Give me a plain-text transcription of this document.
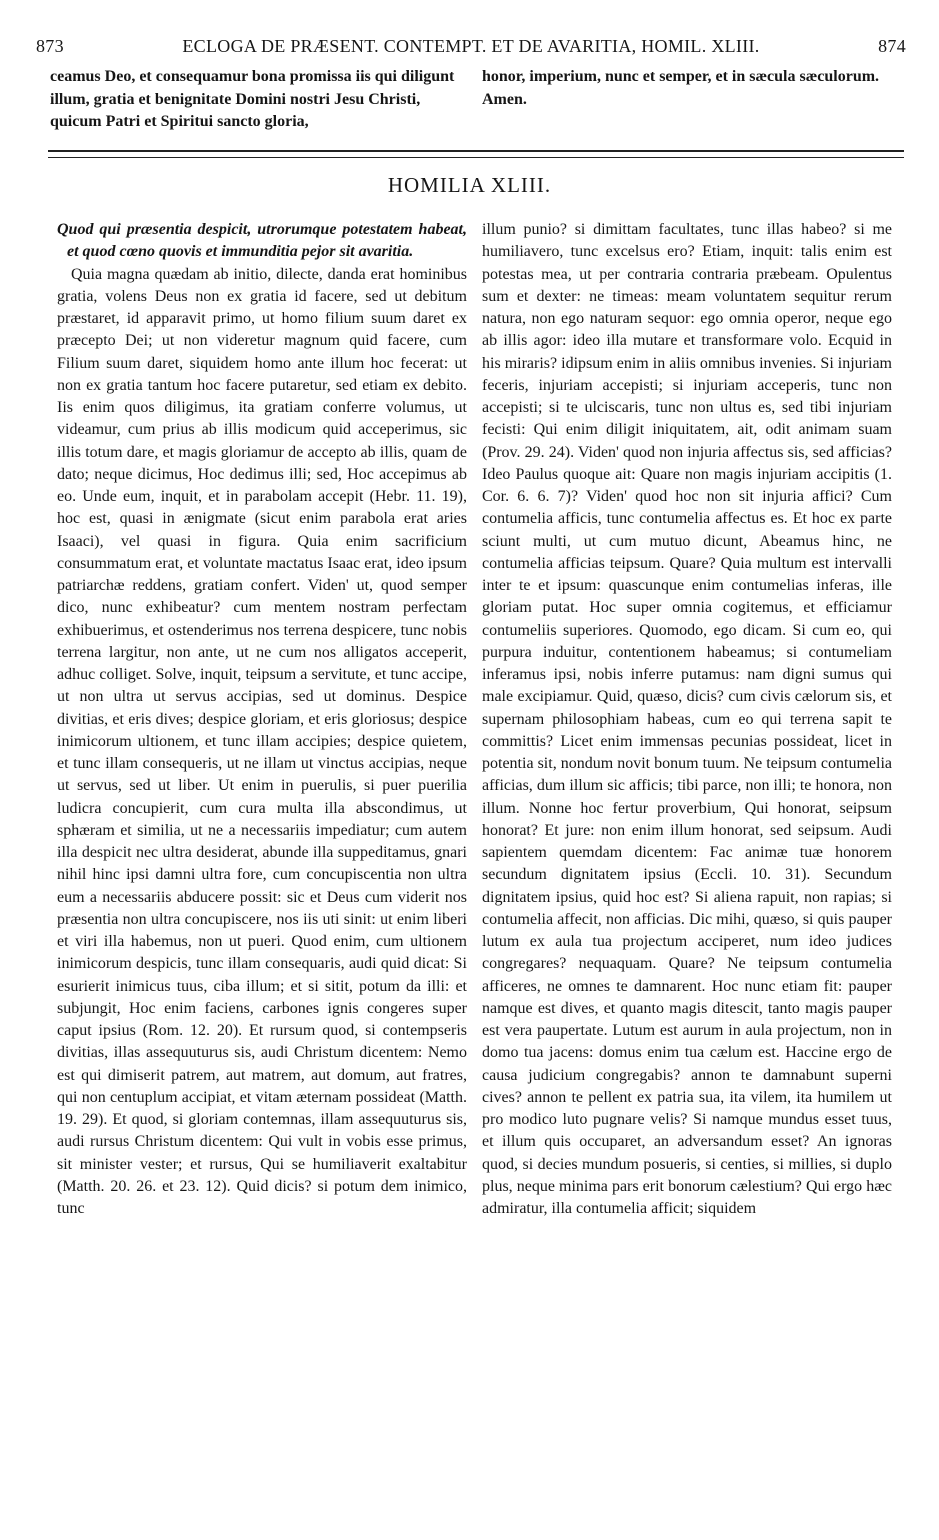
873	ECLOGA DE PRÆSENT. CONTEMPT. ET DE AVARITIA, HOMIL. XLIII.	874
ceamus Deo, et consequamur bona promissa iis qui diligunt illum, gratia et benignitate Domini nostri Jesu Christi, quicum Patri et Spiritui sancto gloria,
honor, imperium, nunc et semper, et in sæcula sæculorum. Amen.
HOMILIA XLIII.

Quod qui præsentia despicit, utrorumque potestatem habeat, et quod cœno quovis et immunditia pejor sit avaritia.

Quia magna quædam ab initio, dilecte, danda erat hominibus gratia, volens Deus non ex gratia id facere, sed ut debitum præstaret, id apparavit primo, ut homo filium suum daret ex præcepto Dei; ut non videretur magnum quid facere, cum Filium suum daret, siquidem homo ante illum hoc fecerat: ut non ex gratia tantum hoc facere putaretur, sed etiam ex debito. Iis enim quos diligimus, ita gratiam conferre volumus, ut videamur, cum prius ab illis modicum quid acceperimus, sic illis totum dare, et magis gloriamur de accepto ab illis, quam de dato; neque dicimus, Hoc dedimus illi; sed, Hoc accepimus ab eo. Unde eum, inquit, et in parabolam accepit (Hebr. 11. 19), hoc est, quasi in ænigmate (sicut enim parabola erat aries Isaaci), vel quasi in figura. Quia enim sacrificium consummatum erat, et voluntate mactatus Isaac erat, ideo ipsum patriarchæ reddens, gratiam confert. Viden' ut, quod semper dico, nunc exhibeatur? cum mentem nostram perfectam exhibuerimus, et ostenderimus nos terrena despicere, tunc nobis terrena largitur, non ante, ut ne cum nos alligatos acceperit, adhuc colliget. Solve, inquit, teipsum a servitute, et tunc accipe, ut non ultra ut servus accipias, sed ut dominus. Despice divitias, et eris dives; despice gloriam, et eris gloriosus; despice inimicorum ultionem, et tunc illam accipies; despice quietem, et tunc illam consequeris, ut ne illam ut vinctus accipias, neque ut servus, sed ut liber. Ut enim in puerulis, si puer puerilia ludicra concupierit, cum cura multa illa abscondimus, ut sphæram et similia, ut ne a necessariis impediatur; cum autem illa despicit nec ultra desiderat, abunde illa suppeditamus, gnari nihil hinc ipsi damni ultra fore, cum concupiscentia non ultra eum a necessariis abducere possit: sic et Deus cum viderit nos præsentia non ultra concupiscere, nos iis uti sinit: ut enim liberi et viri illa habemus, non ut pueri. Quod enim, cum ultionem inimicorum despicis, tunc illam consequaris, audi quid dicat: Si esurierit inimicus tuus, ciba illum; et si sitit, potum da illi: et subjungit, Hoc enim faciens, carbones ignis congeres super caput ipsius (Rom. 12. 20). Et rursum quod, si contempseris divitias, illas assequuturus sis, audi Christum dicentem: Nemo est qui dimiserit patrem, aut matrem, aut domum, aut fratres, qui non centuplum accipiat, et vitam æternam possideat (Matth. 19. 29). Et quod, si gloriam contemnas, illam assequuturus sis, audi rursus Christum dicentem: Qui vult in vobis esse primus, sit minister vester; et rursus, Qui se humiliaverit exaltabitur (Matth. 20. 26. et 23. 12). Quid dicis? si potum dem inimico, tunc

illum punio? si dimittam facultates, tunc illas habeo? si me humiliavero, tunc excelsus ero? Etiam, inquit: talis enim est potestas mea, ut per contraria contraria præbeam. Opulentus sum et dexter: ne timeas: meam voluntatem sequitur rerum natura, non ego naturam sequor: ego omnia operor, neque ego ab illis agor: ideo illa mutare et transformare volo. Ecquid in his miraris? idipsum enim in aliis omnibus invenies. Si injuriam feceris, injuriam accepisti; si injuriam acceperis, tunc non accepisti; si te ulciscaris, tunc non ultus es, sed tibi injuriam fecisti: Qui enim diligit iniquitatem, ait, odit animam suam (Prov. 29. 24). Viden' quod non injuria affectus sis, sed afficias? Ideo Paulus quoque ait: Quare non magis injuriam accipitis (1. Cor. 6. 6. 7)? Viden' quod hoc non sit injuria affici? Cum contumelia afficis, tunc contumelia affectus es. Et hoc ex parte sciunt multi, ut cum mutuo dicunt, Abeamus hinc, ne contumelia afficias teipsum. Quare? Quia multum est intervalli inter te et ipsum: quascunque enim contumelias inferas, ille gloriam putat. Hoc super omnia cogitemus, et efficiamur contumeliis superiores. Quomodo, ego dicam. Si cum eo, qui purpura induitur, contentionem habeamus; si contumeliam inferamus ipsi, nobis inferre putamus: nam digni sumus qui male excipiamur. Quid, quæso, dicis? cum civis cælorum sis, et supernam philosophiam habeas, cum eo qui terrena sapit te committis? Licet enim immensas pecunias possideat, licet in potentia sit, nondum novit bonum tuum. Ne teipsum contumelia afficias, dum illum sic afficis; tibi parce, non illi; te honora, non illum. Nonne hoc fertur proverbium, Qui honorat, seipsum honorat? Et jure: non enim illum honorat, sed seipsum. Audi sapientem quemdam dicentem: Fac animæ tuæ honorem secundum dignitatem ipsius (Eccli. 10. 31). Secundum dignitatem ipsius, quid hoc est? Si aliena rapuit, non rapias; si contumelia affecit, non afficias. Dic mihi, quæso, si quis pauper lutum ex aula tua projectum acciperet, num ideo judices congregares? nequaquam. Quare? Ne teipsum contumelia afficeres, ne omnes te damnarent. Hoc nunc etiam fit: pauper namque est dives, et quanto magis ditescit, tanto magis pauper est vera paupertate. Lutum est aurum in aula projectum, non in domo tua jacens: domus enim tua cælum est. Haccine ergo de causa judicium congregabis? annon te damnabunt superni cives? annon te pellent ex patria sua, ita vilem, ita humilem ut pro modico luto pugnare velis? Si namque mundus esset tuus, et illum quis occuparet, an adversandum esset? An ignoras quod, si decies mundum posueris, si centies, si millies, si duplo plus, neque minima pars erit bonorum cælestium? Qui ergo hæc admiratur, illa contumelia afficit; siquidem
